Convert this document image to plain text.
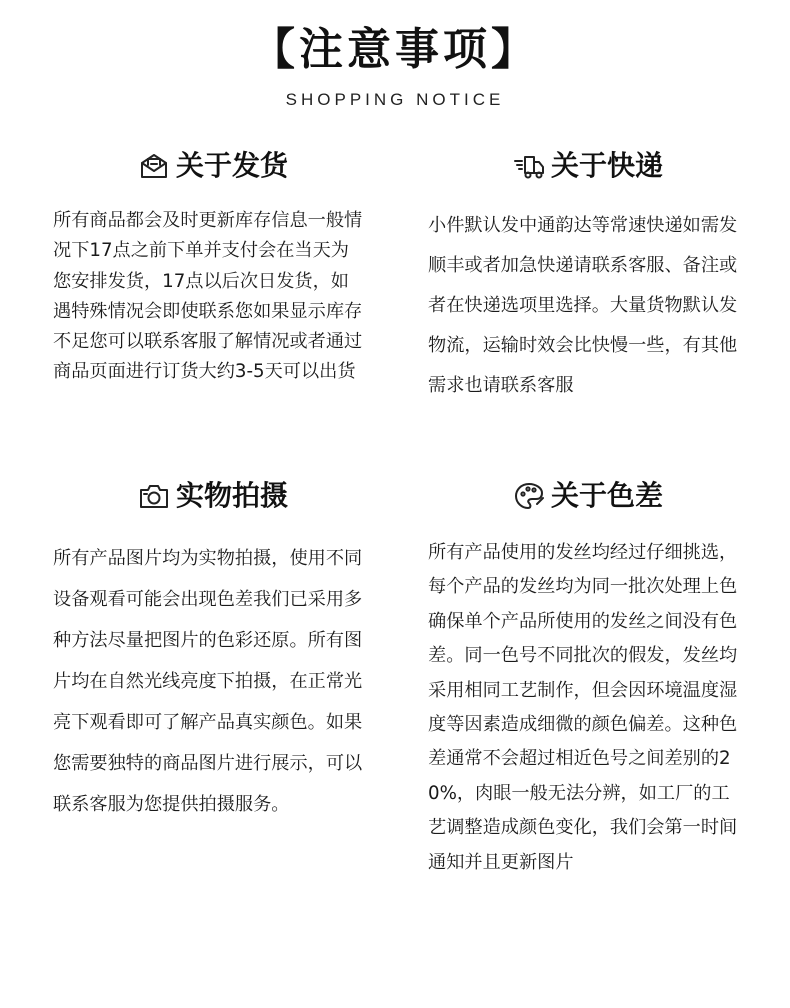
【注意事项】
SHOPPING NOTICE
关于发货
所有商品都会及时更新库存信息一般情况下17点之前下单并支付会在当天为您安排发货，17点以后次日发货，如遇特殊情况会即使联系您如果显示库存不足您可以联系客服了解情况或者通过商品页面进行订货大约3-5天可以出货
关于快递
小件默认发中通韵达等常速快递如需发顺丰或者加急快递请联系客服、备注或者在快递选项里选择。大量货物默认发物流，运输时效会比快慢一些，有其他需求也请联系客服
实物拍摄
所有产品图片均为实物拍摄，使用不同设备观看可能会出现色差我们已采用多种方法尽量把图片的色彩还原。所有图片均在自然光线亮度下拍摄，在正常光亮下观看即可了解产品真实颜色。如果您需要独特的商品图片进行展示，可以联系客服为您提供拍摄服务。
关于色差
所有产品使用的发丝均经过仔细挑选，每个产品的发丝均为同一批次处理上色确保单个产品所使用的发丝之间没有色差。同一色号不同批次的假发，发丝均采用相同工艺制作，但会因环境温度湿度等因素造成细微的颜色偏差。这种色差通常不会超过相近色号之间差别的20%，肉眼一般无法分辨，如工厂的工艺调整造成颜色变化，我们会第一时间通知并且更新图片
